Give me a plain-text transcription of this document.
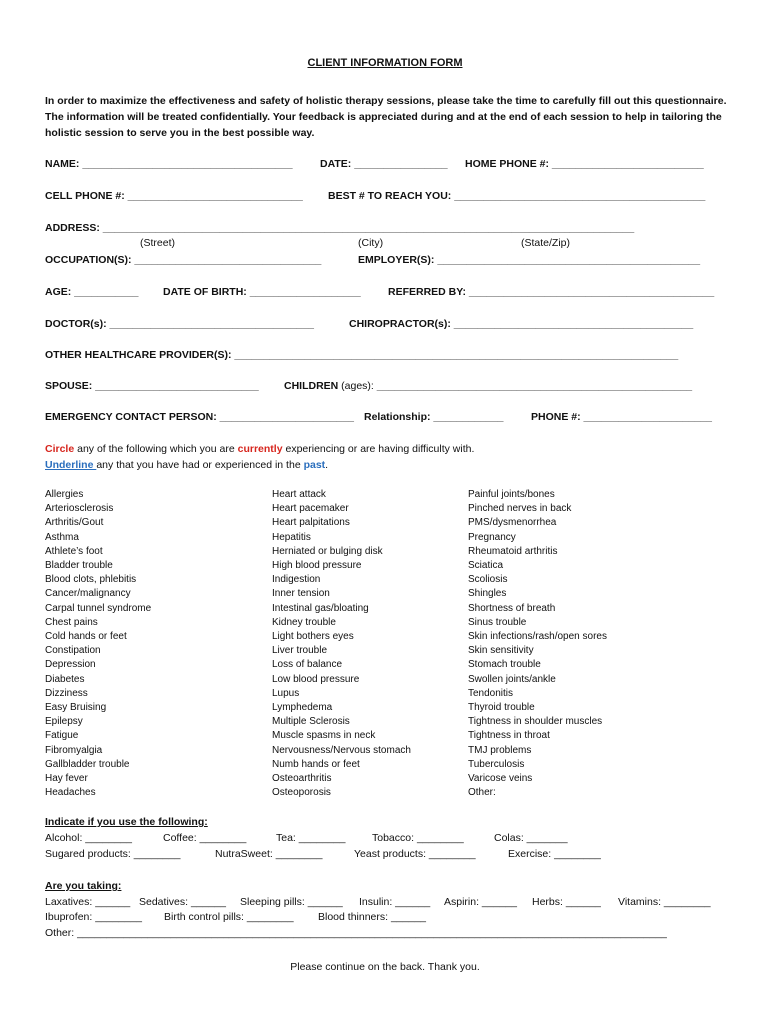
CLIENT INFORMATION FORM
In order to maximize the effectiveness and safety of holistic therapy sessions, please take the time to carefully fill out this questionnaire. The information will be treated confidentially. Your feedback is appreciated during and at the end of each session to help in tailoring the holistic session to serve you in the best possible way.
NAME: ____________________________________	DATE: ________________ HOME PHONE #: __________________________
CELL PHONE #: ______________________________ BEST # TO REACH YOU: ___________________________________________
ADDRESS: ___________________________________________________________________________________________
(Street)	(City)	(State/Zip)
OCCUPATION(S): ________________________________	EMPLOYER(S): _____________________________________________
AGE: ___________ DATE OF BIRTH: ___________________	REFERRED BY: __________________________________________
DOCTOR(s): ___________________________________	CHIROPRACTOR(s): _________________________________________
OTHER HEALTHCARE PROVIDER(S): ____________________________________________________________________________
SPOUSE: ____________________________ CHILDREN (ages): ______________________________________________________
EMERGENCY CONTACT PERSON: _______________________ Relationship: ____________	PHONE #: ______________________
Circle any of the following which you are currently experiencing or are having difficulty with.
Underline any that you have had or experienced in the past.
Allergies
Arteriosclerosis
Arthritis/Gout
Asthma
Athlete’s foot
Bladder trouble
Blood clots, phlebitis
Cancer/malignancy
Carpal tunnel syndrome
Chest pains
Cold hands or feet
Constipation
Depression
Diabetes
Dizziness
Easy Bruising
Epilepsy
Fatigue
Fibromyalgia
Gallbladder trouble
Hay fever
Headaches
Heart attack
Heart pacemaker
Heart palpitations
Hepatitis
Herniated or bulging disk
High blood pressure
Indigestion
Inner tension
Intestinal gas/bloating
Kidney trouble
Light bothers eyes
Liver trouble
Loss of balance
Low blood pressure
Lupus
Lymphedema
Multiple Sclerosis
Muscle spasms in neck
Nervousness/Nervous stomach
Numb hands or feet
Osteoarthritis
Osteoporosis
Painful joints/bones
Pinched nerves in back
PMS/dysmenorrhea
Pregnancy
Rheumatoid arthritis
Sciatica
Scoliosis
Shingles
Shortness of breath
Sinus trouble
Skin infections/rash/open sores
Skin sensitivity
Stomach trouble
Swollen joints/ankle
Tendonitis
Thyroid trouble
Tightness in shoulder muscles
Tightness in throat
TMJ problems
Tuberculosis
Varicose veins
Other:
Indicate if you use the following:
Alcohol: ________	Coffee: ________	Tea: ________	Tobacco: ________	Colas: _______
Sugared products: ________	NutraSweet: ________	Yeast products: ________	Exercise: ________
Are you taking:
Laxatives: ______ Sedatives: ______ Sleeping pills: ______ Insulin: ______ Aspirin: ______ Herbs: ______ Vitamins: ________
Ibuprofen: ________ Birth control pills: ________ Blood thinners: ______
Other: _____________________________________________________________________________________________________
Please continue on the back. Thank you.
